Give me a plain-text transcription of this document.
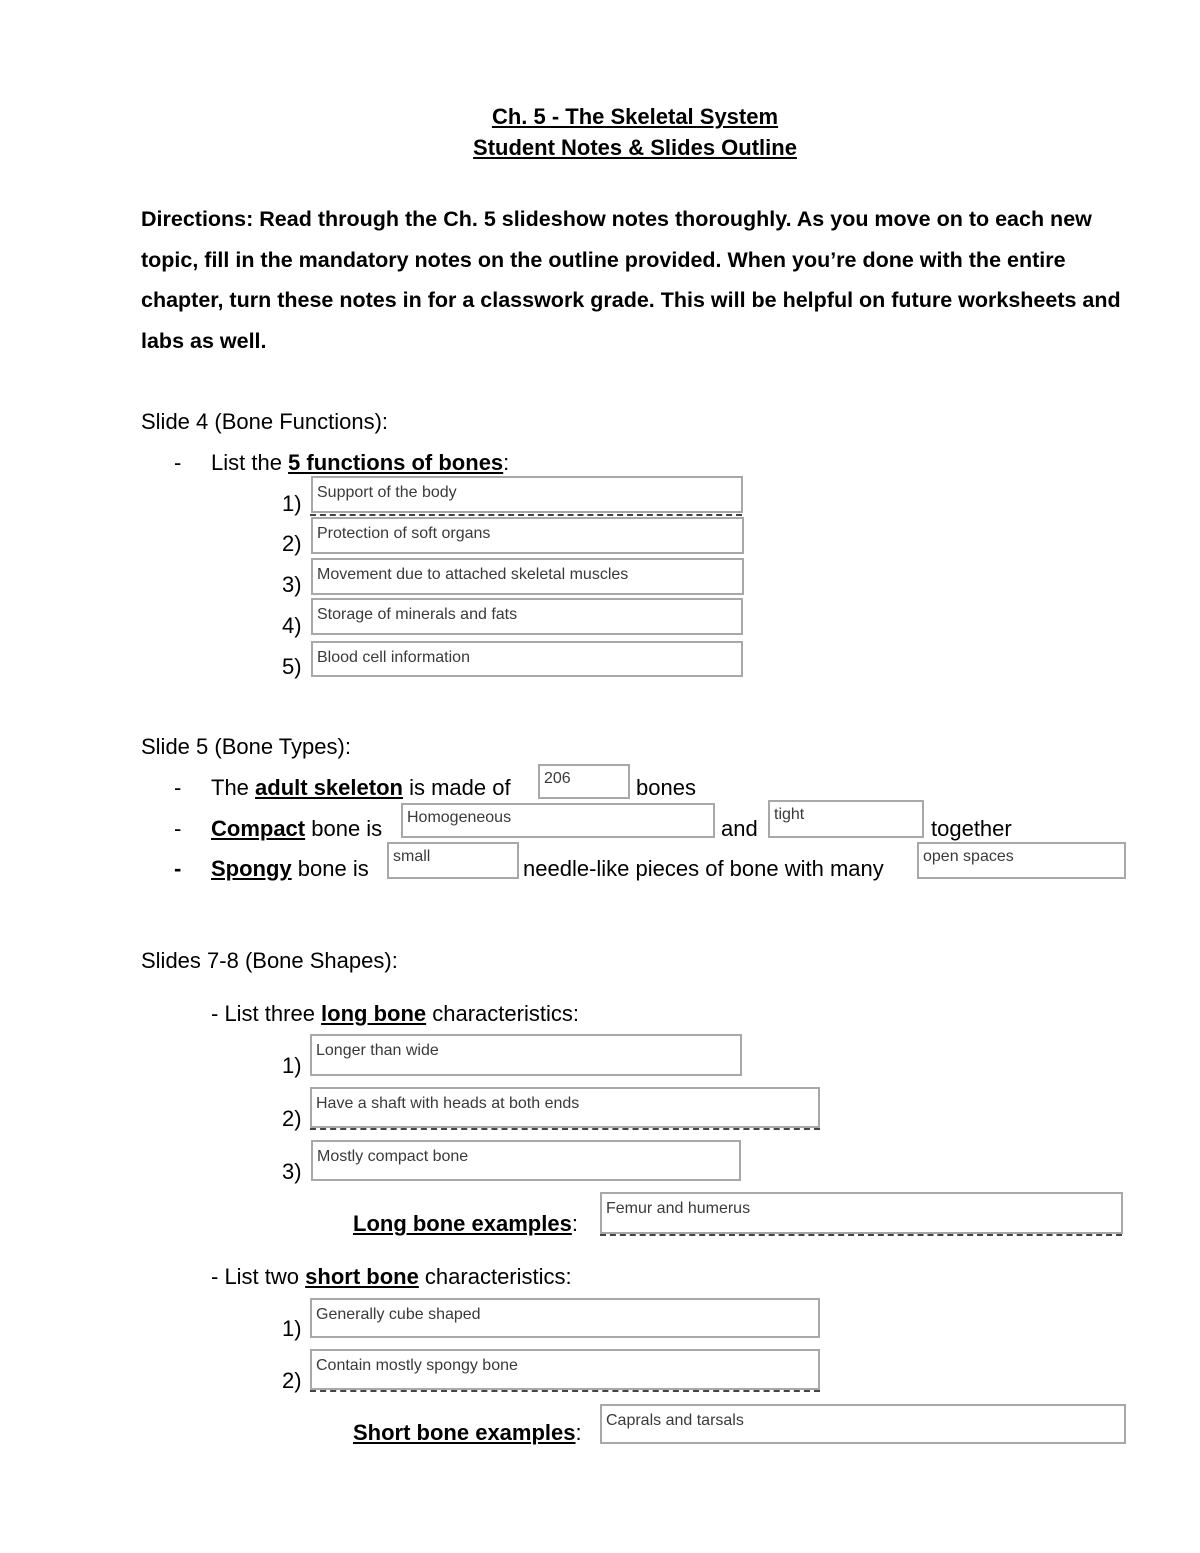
Ch. 5 - The Skeletal System
Student Notes & Slides Outline
Directions: Read through the Ch. 5 slideshow notes thoroughly. As you move on to each new topic, fill in the mandatory notes on the outline provided. When you’re done with the entire chapter, turn these notes in for a classwork grade. This will be helpful on future worksheets and labs as well.
Slide 4 (Bone Functions):
- List the 5 functions of bones:
1) Support of the body
2) Protection of soft organs
3) Movement due to attached skeletal muscles
4) Storage of minerals and fats
5) Blood cell information
Slide 5 (Bone Types):
- The adult skeleton is made of	206	bones
- Compact bone is	Homogeneous	and
tight
together
- Spongy bone is	small	needle-like pieces of bone with many	open spaces
Slides 7-8 (Bone Shapes):
- List three long bone characteristics:
1)
Longer than wide
2)
Have a shaft with heads at both ends
3)
Mostly compact bone
Long bone examples:
Femur and humerus
- List two short bone characteristics:
1)
Generally cube shaped
2)
Contain mostly spongy bone
Short bone examples:	Caprals and tarsals
